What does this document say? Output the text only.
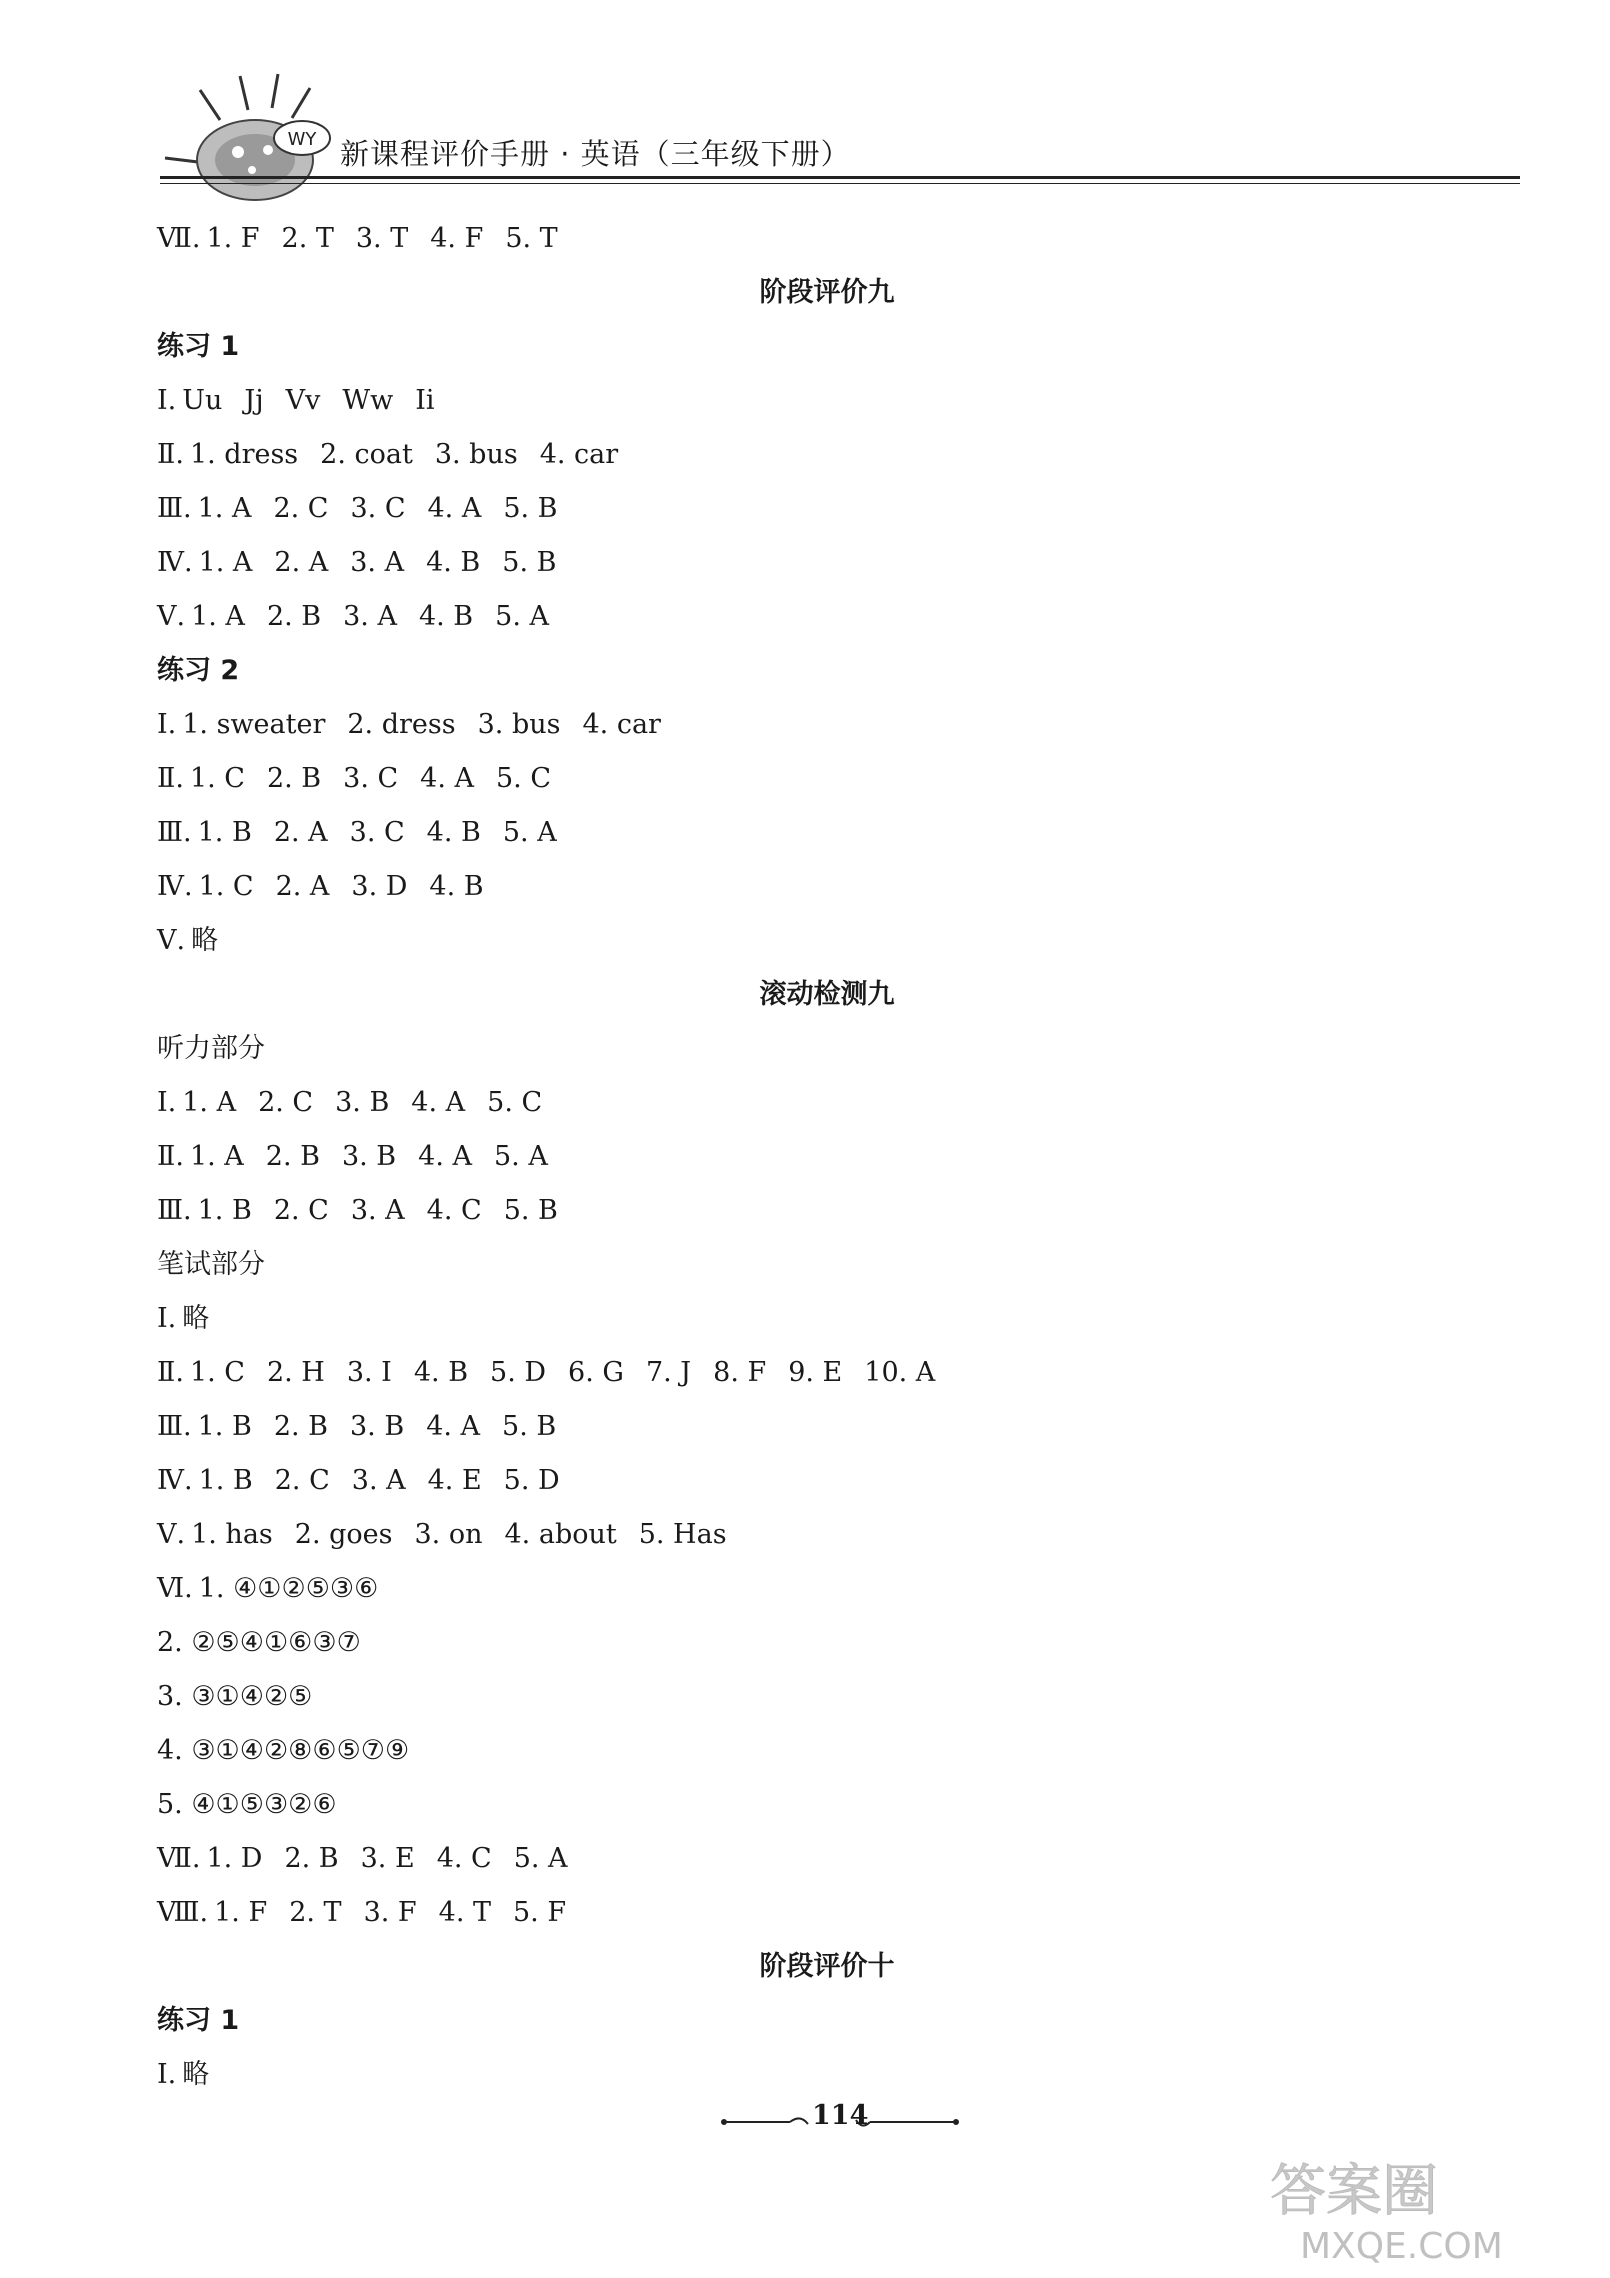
WY 新课程评价手册 · 英语（三年级下册）
Ⅶ. 1. F 2. T 3. T 4. F 5. T
阶段评价九
练习 1
Ⅰ. Uu Jj Vv Ww Ii
Ⅱ. 1. dress 2. coat 3. bus 4. car
Ⅲ. 1. A 2. C 3. C 4. A 5. B
Ⅳ. 1. A 2. A 3. A 4. B 5. B
Ⅴ. 1. A 2. B 3. A 4. B 5. A
练习 2
Ⅰ. 1. sweater 2. dress 3. bus 4. car
Ⅱ. 1. C 2. B 3. C 4. A 5. C
Ⅲ. 1. B 2. A 3. C 4. B 5. A
Ⅳ. 1. C 2. A 3. D 4. B
Ⅴ. 略
滚动检测九
听力部分
Ⅰ. 1. A 2. C 3. B 4. A 5. C
Ⅱ. 1. A 2. B 3. B 4. A 5. A
Ⅲ. 1. B 2. C 3. A 4. C 5. B
笔试部分
Ⅰ. 略
Ⅱ. 1. C 2. H 3. I 4. B 5. D 6. G 7. J 8. F 9. E 10. A
Ⅲ. 1. B 2. B 3. B 4. A 5. B
Ⅳ. 1. B 2. C 3. A 4. E 5. D
Ⅴ. 1. has 2. goes 3. on 4. about 5. Has
Ⅵ. 1. ④①②⑤③⑥
2. ②⑤④①⑥③⑦
3. ③①④②⑤
4. ③①④②⑧⑥⑤⑦⑨
5. ④①⑤③②⑥
Ⅶ. 1. D 2. B 3. E 4. C 5. A
Ⅷ. 1. F 2. T 3. F 4. T 5. F
阶段评价十
练习 1
Ⅰ. 略
114
答案圈
MXQE.COM
